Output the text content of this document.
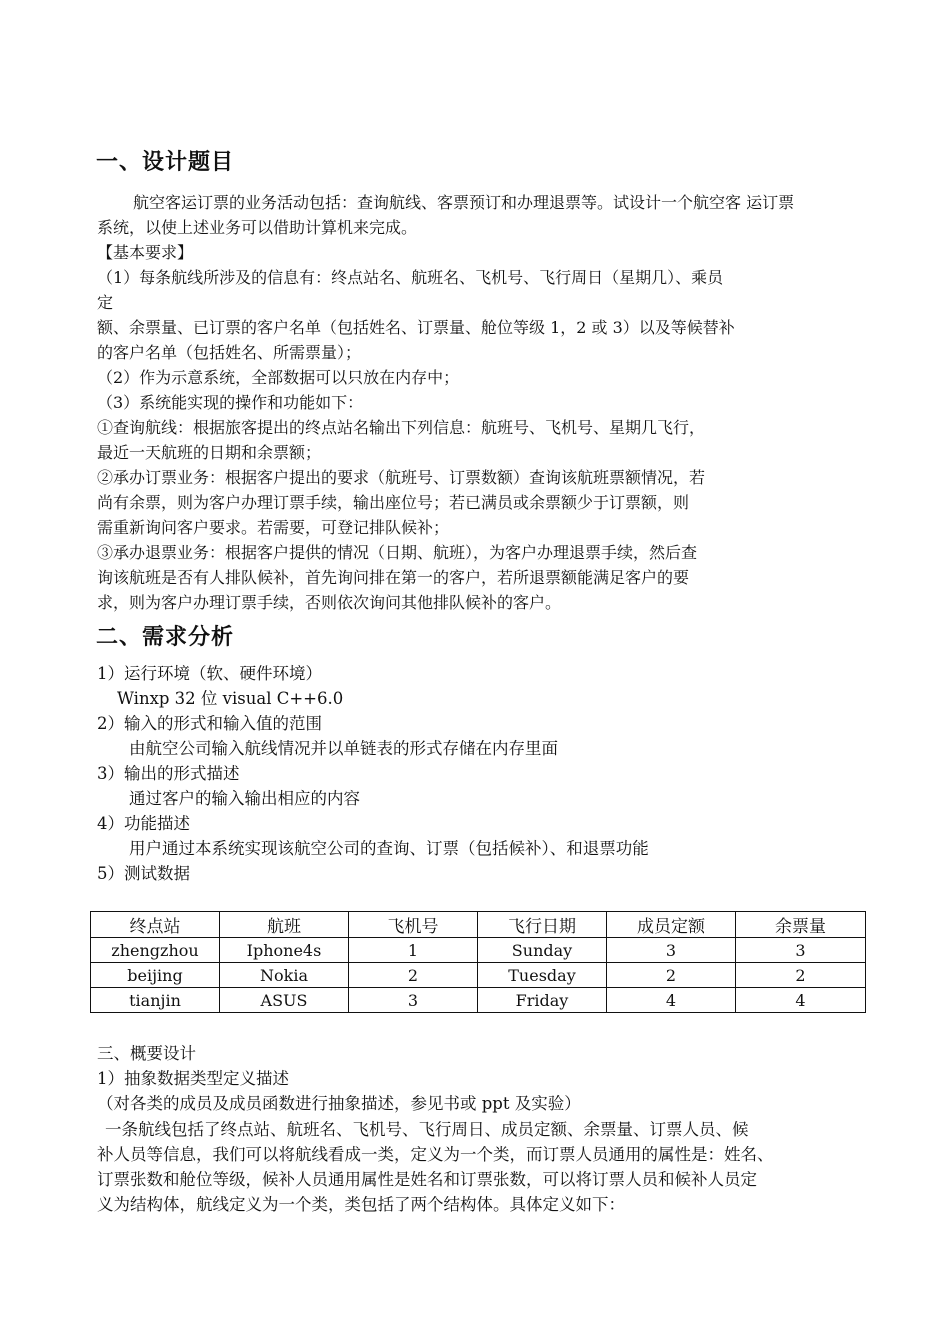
一、设计题目
航空客运订票的业务活动包括：查询航线、客票预订和办理退票等。试设计一个航空客 运订票
系统，以使上述业务可以借助计算机来完成。
【基本要求】
（1）每条航线所涉及的信息有：终点站名、航班名、飞机号、飞行周日（星期几）、乘员
定
额、余票量、已订票的客户名单（包括姓名、订票量、舱位等级 1，2 或 3）以及等候替补
的客户名单（包括姓名、所需票量）；
（2）作为示意系统，全部数据可以只放在内存中；
（3）系统能实现的操作和功能如下：
①查询航线：根据旅客提出的终点站名输出下列信息：航班号、飞机号、星期几飞行，
最近一天航班的日期和余票额；
②承办订票业务：根据客户提出的要求（航班号、订票数额）查询该航班票额情况，若
尚有余票，则为客户办理订票手续，输出座位号；若已满员或余票额少于订票额，则
需重新询问客户要求。若需要，可登记排队候补；
③承办退票业务：根据客户提供的情况（日期、航班），为客户办理退票手续，然后查
询该航班是否有人排队候补，首先询问排在第一的客户，若所退票额能满足客户的要
求，则为客户办理订票手续，否则依次询问其他排队候补的客户。
二、需求分析
1）运行环境（软、硬件环境）
Winxp 32 位 visual C++6.0
2）输入的形式和输入值的范围
由航空公司输入航线情况并以单链表的形式存储在内存里面
3）输出的形式描述
通过客户的输入输出相应的内容
4）功能描述
用户通过本系统实现该航空公司的查询、订票（包括候补）、和退票功能
5）测试数据
终点站	航班	飞机号	飞行日期	成员定额	余票量
zhengzhou	Iphone4s	1	Sunday	3	3
beijing	Nokia	2	Tuesday	2	2
tianjin	ASUS	3	Friday	4	4
三、概要设计
1）抽象数据类型定义描述
（对各类的成员及成员函数进行抽象描述，参见书或 ppt 及实验）
一条航线包括了终点站、航班名、飞机号、飞行周日、成员定额、余票量、订票人员、候
补人员等信息，我们可以将航线看成一类，定义为一个类，而订票人员通用的属性是：姓名、
订票张数和舱位等级，候补人员通用属性是姓名和订票张数，可以将订票人员和候补人员定
义为结构体，航线定义为一个类，类包括了两个结构体。具体定义如下：
